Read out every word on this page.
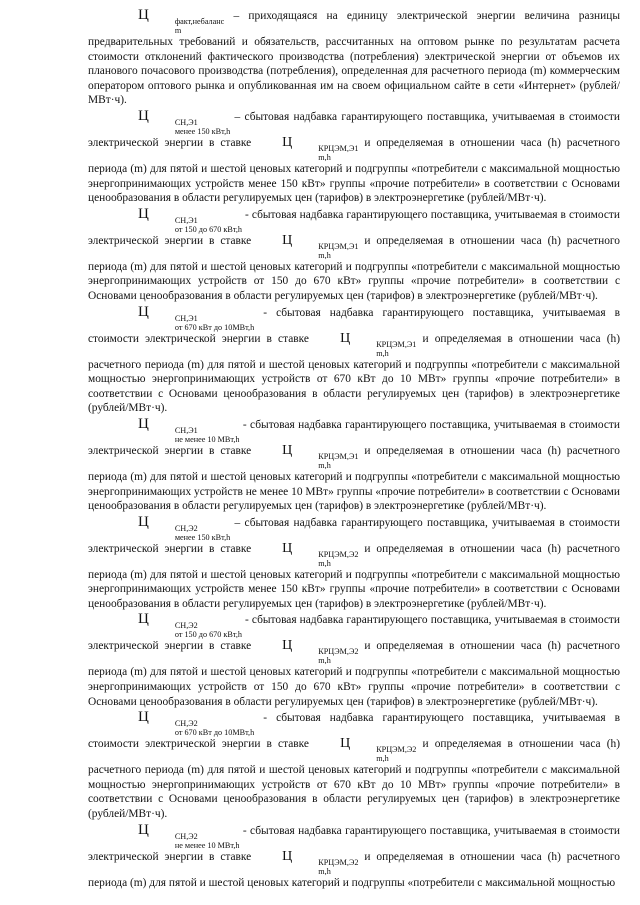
Ц	факт,небаланс
m
– приходящаяся на единицу электрической энергии величина разницы предварительных требований и обязательств, рассчитанных на оптовом рынке по результатам расчета стоимости отклонений фактического производства (потребления) электрической энергии от объемов их планового почасового производства (потребления), определенная для расчетного периода (m) коммерческим оператором оптового рынка и опубликованная им на своем официальном сайте в сети «Интернет» (рублей/МВт·ч).

Ц	СН,Э1
менее 150 кВт,h
– сбытовая надбавка гарантирующего поставщика, учитываемая в стоимости электрической энергии в ставке Ц	КРЦЭМ,Э1
m,h
и определяемая в отношении часа (h) расчетного периода (m) для пятой и шестой ценовых категорий и подгруппы «потребители с максимальной мощностью энергопринимающих устройств менее 150 кВт» группы «прочие потребители» в соответствии с Основами ценообразования в области регулируемых цен (тарифов) в электроэнергетике (рублей/МВт·ч).

Ц	СН,Э1
от 150 до 670 кВт,h
- сбытовая надбавка гарантирующего поставщика, учитываемая в стоимости электрической энергии в ставке Ц	КРЦЭМ,Э1
m,h
и определяемая в отношении часа (h) расчетного периода (m) для пятой и шестой ценовых категорий и подгруппы «потребители с максимальной мощностью энергопринимающих устройств от 150 до 670 кВт» группы «прочие потребители» в соответствии с Основами ценообразования в области регулируемых цен (тарифов) в электроэнергетике (рублей/МВт·ч).

Ц	СН,Э1
от 670 кВт до 10МВт,h
- сбытовая надбавка гарантирующего поставщика, учитываемая в стоимости электрической энергии в ставке Ц	КРЦЭМ,Э1
m,h
и определяемая в отношении часа (h) расчетного периода (m) для пятой и шестой ценовых категорий и подгруппы «потребители с максимальной мощностью энергопринимающих устройств от 670 кВт до 10 МВт» группы «прочие потребители» в соответствии с Основами ценообразования в области регулируемых цен (тарифов) в электроэнергетике (рублей/МВт·ч).

Ц	СН,Э1
не менее 10 МВт,h
- сбытовая надбавка гарантирующего поставщика, учитываемая в стоимости электрической энергии в ставке Ц	КРЦЭМ,Э1
m,h
и определяемая в отношении часа (h) расчетного периода (m) для пятой и шестой ценовых категорий и подгруппы «потребители с максимальной мощностью энергопринимающих устройств не менее 10 МВт» группы «прочие потребители» в соответствии с Основами ценообразования в области регулируемых цен (тарифов) в электроэнергетике (рублей/МВт·ч).

Ц	СН,Э2
менее 150 кВт,h
– сбытовая надбавка гарантирующего поставщика, учитываемая в стоимости электрической энергии в ставке Ц	КРЦЭМ,Э2
m,h
и определяемая в отношении часа (h) расчетного периода (m) для пятой и шестой ценовых категорий и подгруппы «потребители с максимальной мощностью энергопринимающих устройств менее 150 кВт» группы «прочие потребители» в соответствии с Основами ценообразования в области регулируемых цен (тарифов) в электроэнергетике (рублей/МВт·ч).

Ц	СН,Э2
от 150 до 670 кВт,h
- сбытовая надбавка гарантирующего поставщика, учитываемая в стоимости электрической энергии в ставке Ц	КРЦЭМ,Э2
m,h
и определяемая в отношении часа (h) расчетного периода (m) для пятой и шестой ценовых категорий и подгруппы «потребители с максимальной мощностью энергопринимающих устройств от 150 до 670 кВт» группы «прочие потребители» в соответствии с Основами ценообразования в области регулируемых цен (тарифов) в электроэнергетике (рублей/МВт·ч).

Ц	СН,Э2
от 670 кВт до 10МВт,h
- сбытовая надбавка гарантирующего поставщика, учитываемая в стоимости электрической энергии в ставке Ц	КРЦЭМ,Э2
m,h
и определяемая в отношении часа (h) расчетного периода (m) для пятой и шестой ценовых категорий и подгруппы «потребители с максимальной мощностью энергопринимающих устройств от 670 кВт до 10 МВт» группы «прочие потребители» в соответствии с Основами ценообразования в области регулируемых цен (тарифов) в электроэнергетике (рублей/МВт·ч).

Ц	СН,Э2
не менее 10 МВт,h
- сбытовая надбавка гарантирующего поставщика, учитываемая в стоимости электрической энергии в ставке Ц	КРЦЭМ,Э2
m,h
и определяемая в отношении часа (h) расчетного периода (m) для пятой и шестой ценовых категорий и подгруппы «потребители с максимальной мощностью
